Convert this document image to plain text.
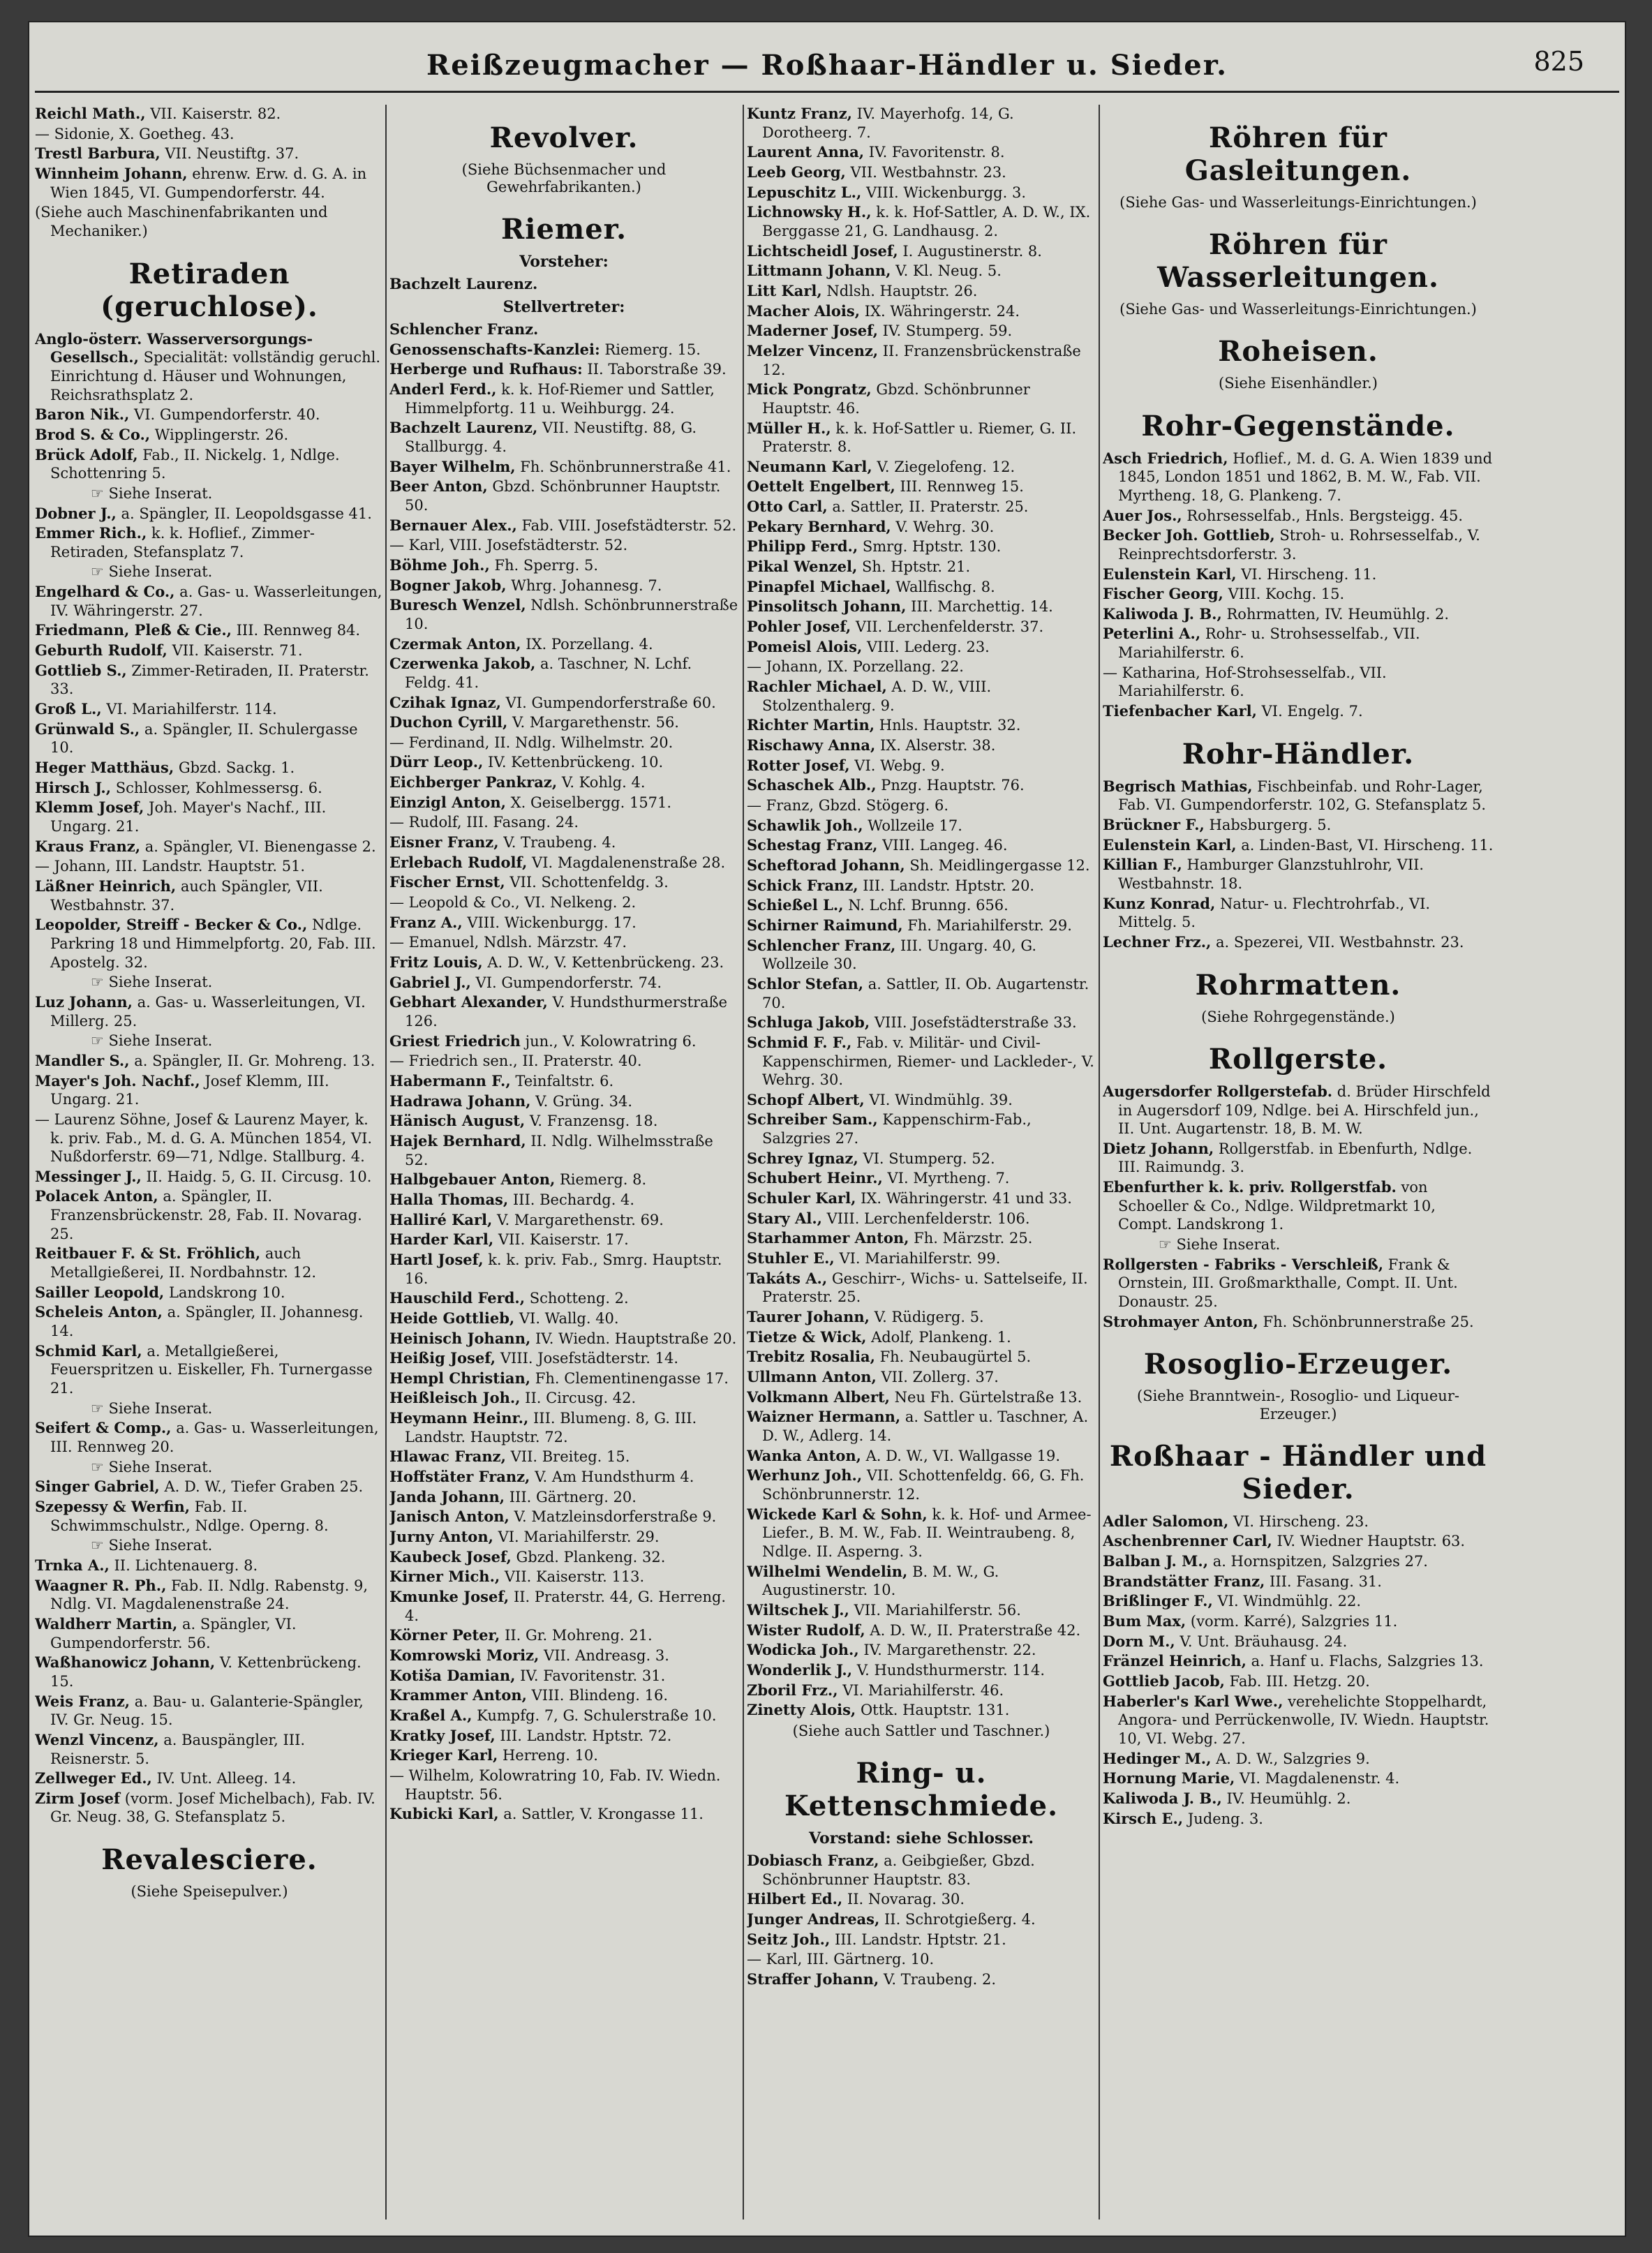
Reißzeugmacher — Roßhaar-Händler u. Sieder.	825
Reichl Math., VII. Kaiserstr. 82.
— Sidonie, X. Goetheg. 43.
Trestl Barbura, VII. Neustiftg. 37.
Winnheim Johann, ehrenw. Erw. d. G. A. in Wien 1845, VI. Gumpendorferstr. 44.
(Siehe auch Maschinenfabrikanten und Mechaniker.)
Retiraden (geruchlose).
Anglo-österr. Wasserversorgungs-Gesellsch., Specialität: vollständig geruchl. Einrichtung d. Häuser und Wohnungen, Reichsrathsplatz 2.
Baron Nik., VI. Gumpendorferstr. 40.
Brod S. & Co., Wipplingerstr. 26.
Brück Adolf, Fab., II. Nickelg. 1, Ndlge. Schottenring 5.
☞ Siehe Inserat.
Dobner J., a. Spängler, II. Leopoldsgasse 41.
Emmer Rich., k. k. Hoflief., Zimmer-Retiraden, Stefansplatz 7.
☞ Siehe Inserat.
Engelhard & Co., a. Gas- u. Wasserleitungen, IV. Währingerstr. 27.
Friedmann, Pleß & Cie., III. Rennweg 84.
Geburth Rudolf, VII. Kaiserstr. 71.
Gottlieb S., Zimmer-Retiraden, II. Praterstr. 33.
Groß L., VI. Mariahilferstr. 114.
Grünwald S., a. Spängler, II. Schulergasse 10.
Heger Matthäus, Gbzd. Sackg. 1.
Hirsch J., Schlosser, Kohlmessersg. 6.
Klemm Josef, Joh. Mayer's Nachf., III. Ungarg. 21.
Kraus Franz, a. Spängler, VI. Bienengasse 2.
— Johann, III. Landstr. Hauptstr. 51.
Läßner Heinrich, auch Spängler, VII. Westbahnstr. 37.
Leopolder, Streiff - Becker & Co., Ndlge. Parkring 18 und Himmelpfortg. 20, Fab. III. Apostelg. 32.
☞ Siehe Inserat.
Luz Johann, a. Gas- u. Wasserleitungen, VI. Millerg. 25.
☞ Siehe Inserat.
Mandler S., a. Spängler, II. Gr. Mohreng. 13.
Mayer's Joh. Nachf., Josef Klemm, III. Ungarg. 21.
— Laurenz Söhne, Josef & Laurenz Mayer, k. k. priv. Fab., M. d. G. A. München 1854, VI. Nußdorferstr. 69—71, Ndlge. Stallburg. 4.
Messinger J., II. Haidg. 5, G. II. Circusg. 10.
Polacek Anton, a. Spängler, II. Franzensbrückenstr. 28, Fab. II. Novarag. 25.
Reitbauer F. & St. Fröhlich, auch Metallgießerei, II. Nordbahnstr. 12.
Sailler Leopold, Landskrong 10.
Scheleis Anton, a. Spängler, II. Johannesg. 14.
Schmid Karl, a. Metallgießerei, Feuerspritzen u. Eiskeller, Fh. Turnergasse 21.
☞ Siehe Inserat.
Seifert & Comp., a. Gas- u. Wasserleitungen, III. Rennweg 20.
☞ Siehe Inserat.
Singer Gabriel, A. D. W., Tiefer Graben 25.
Szepessy & Werfin, Fab. II. Schwimmschulstr., Ndlge. Operng. 8.
☞ Siehe Inserat.
Trnka A., II. Lichtenauerg. 8.
Waagner R. Ph., Fab. II. Ndlg. Rabenstg. 9, Ndlg. VI. Magdalenenstraße 24.
Waldherr Martin, a. Spängler, VI. Gumpendorferstr. 56.
Waßhanowicz Johann, V. Kettenbrückeng. 15.
Weis Franz, a. Bau- u. Galanterie-Spängler, IV. Gr. Neug. 15.
Wenzl Vincenz, a. Bauspängler, III. Reisnerstr. 5.
Zellweger Ed., IV. Unt. Alleeg. 14.
Zirm Josef (vorm. Josef Michelbach), Fab. IV. Gr. Neug. 38, G. Stefansplatz 5.
Revalesciere.
(Siehe Speisepulver.)
Revolver.
(Siehe Büchsenmacher und Gewehrfabrikanten.)
Riemer.
Vorsteher:
Bachzelt Laurenz.
Stellvertreter:
Schlencher Franz.
Genossenschafts-Kanzlei: Riemerg. 15.
Herberge und Rufhaus: II. Taborstraße 39.
Anderl Ferd., k. k. Hof-Riemer und Sattler, Himmelpfortg. 11 u. Weihburgg. 24.
Bachzelt Laurenz, VII. Neustiftg. 88, G. Stallburgg. 4.
Bayer Wilhelm, Fh. Schönbrunnerstraße 41.
Beer Anton, Gbzd. Schönbrunner Hauptstr. 50.
Bernauer Alex., Fab. VIII. Josefstädterstr. 52.
— Karl, VIII. Josefstädterstr. 52.
Böhme Joh., Fh. Sperrg. 5.
Bogner Jakob, Whrg. Johannesg. 7.
Buresch Wenzel, Ndlsh. Schönbrunnerstraße 10.
Czermak Anton, IX. Porzellang. 4.
Czerwenka Jakob, a. Taschner, N. Lchf. Feldg. 41.
Czihak Ignaz, VI. Gumpendorferstraße 60.
Duchon Cyrill, V. Margarethenstr. 56.
— Ferdinand, II. Ndlg. Wilhelmstr. 20.
Dürr Leop., IV. Kettenbrückeng. 10.
Eichberger Pankraz, V. Kohlg. 4.
Einzigl Anton, X. Geiselbergg. 1571.
— Rudolf, III. Fasang. 24.
Eisner Franz, V. Traubeng. 4.
Erlebach Rudolf, VI. Magdalenenstraße 28.
Fischer Ernst, VII. Schottenfeldg. 3.
— Leopold & Co., VI. Nelkeng. 2.
Franz A., VIII. Wickenburgg. 17.
— Emanuel, Ndlsh. Märzstr. 47.
Fritz Louis, A. D. W., V. Kettenbrückeng. 23.
Gabriel J., VI. Gumpendorferstr. 74.
Gebhart Alexander, V. Hundsthurmerstraße 126.
Griest Friedrich jun., V. Kolowratring 6.
— Friedrich sen., II. Praterstr. 40.
Habermann F., Teinfaltstr. 6.
Hadrawa Johann, V. Grüng. 34.
Hänisch August, V. Franzensg. 18.
Hajek Bernhard, II. Ndlg. Wilhelmsstraße 52.
Halbgebauer Anton, Riemerg. 8.
Halla Thomas, III. Bechardg. 4.
Halliré Karl, V. Margarethenstr. 69.
Harder Karl, VII. Kaiserstr. 17.
Hartl Josef, k. k. priv. Fab., Smrg. Hauptstr. 16.
Hauschild Ferd., Schotteng. 2.
Heide Gottlieb, VI. Wallg. 40.
Heinisch Johann, IV. Wiedn. Hauptstraße 20.
Heißig Josef, VIII. Josefstädterstr. 14.
Hempl Christian, Fh. Clementinengasse 17.
Heißleisch Joh., II. Circusg. 42.
Heymann Heinr., III. Blumeng. 8, G. III. Landstr. Hauptstr. 72.
Hlawac Franz, VII. Breiteg. 15.
Hoffstäter Franz, V. Am Hundsthurm 4.
Janda Johann, III. Gärtnerg. 20.
Janisch Anton, V. Matzleinsdorferstraße 9.
Jurny Anton, VI. Mariahilferstr. 29.
Kaubeck Josef, Gbzd. Plankeng. 32.
Kirner Mich., VII. Kaiserstr. 113.
Kmunke Josef, II. Praterstr. 44, G. Herreng. 4.
Körner Peter, II. Gr. Mohreng. 21.
Komrowski Moriz, VII. Andreasg. 3.
Kotiša Damian, IV. Favoritenstr. 31.
Krammer Anton, VIII. Blindeng. 16.
Kraßel A., Kumpfg. 7, G. Schulerstraße 10.
Kratky Josef, III. Landstr. Hptstr. 72.
Krieger Karl, Herreng. 10.
— Wilhelm, Kolowratring 10, Fab. IV. Wiedn. Hauptstr. 56.
Kubicki Karl, a. Sattler, V. Krongasse 11.
Kuntz Franz, IV. Mayerhofg. 14, G. Dorotheerg. 7.
Laurent Anna, IV. Favoritenstr. 8.
Leeb Georg, VII. Westbahnstr. 23.
Lepuschitz L., VIII. Wickenburgg. 3.
Lichnowsky H., k. k. Hof-Sattler, A. D. W., IX. Berggasse 21, G. Landhausg. 2.
Lichtscheidl Josef, I. Augustinerstr. 8.
Littmann Johann, V. Kl. Neug. 5.
Litt Karl, Ndlsh. Hauptstr. 26.
Macher Alois, IX. Währingerstr. 24.
Maderner Josef, IV. Stumperg. 59.
Melzer Vincenz, II. Franzensbrückenstraße 12.
Mick Pongratz, Gbzd. Schönbrunner Hauptstr. 46.
Müller H., k. k. Hof-Sattler u. Riemer, G. II. Praterstr. 8.
Neumann Karl, V. Ziegelofeng. 12.
Oettelt Engelbert, III. Rennweg 15.
Otto Carl, a. Sattler, II. Praterstr. 25.
Pekary Bernhard, V. Wehrg. 30.
Philipp Ferd., Smrg. Hptstr. 130.
Pikal Wenzel, Sh. Hptstr. 21.
Pinapfel Michael, Wallfischg. 8.
Pinsolitsch Johann, III. Marchettig. 14.
Pohler Josef, VII. Lerchenfelderstr. 37.
Pomeisl Alois, VIII. Lederg. 23.
— Johann, IX. Porzellang. 22.
Rachler Michael, A. D. W., VIII. Stolzenthalerg. 9.
Richter Martin, Hnls. Hauptstr. 32.
Rischawy Anna, IX. Alserstr. 38.
Rotter Josef, VI. Webg. 9.
Schaschek Alb., Pnzg. Hauptstr. 76.
— Franz, Gbzd. Stögerg. 6.
Schawlik Joh., Wollzeile 17.
Schestag Franz, VIII. Langeg. 46.
Scheftorad Johann, Sh. Meidlingergasse 12.
Schick Franz, III. Landstr. Hptstr. 20.
Schießel L., N. Lchf. Brunng. 656.
Schirner Raimund, Fh. Mariahilferstr. 29.
Schlencher Franz, III. Ungarg. 40, G. Wollzeile 30.
Schlor Stefan, a. Sattler, II. Ob. Augartenstr. 70.
Schluga Jakob, VIII. Josefstädterstraße 33.
Schmid F. F., Fab. v. Militär- und Civil-Kappenschirmen, Riemer- und Lackleder-, V. Wehrg. 30.
Schopf Albert, VI. Windmühlg. 39.
Schreiber Sam., Kappenschirm-Fab., Salzgries 27.
Schrey Ignaz, VI. Stumperg. 52.
Schubert Heinr., VI. Myrtheng. 7.
Schuler Karl, IX. Währingerstr. 41 und 33.
Stary Al., VIII. Lerchenfelderstr. 106.
Starhammer Anton, Fh. Märzstr. 25.
Stuhler E., VI. Mariahilferstr. 99.
Takáts A., Geschirr-, Wichs- u. Sattelseife, II. Praterstr. 25.
Taurer Johann, V. Rüdigerg. 5.
Tietze & Wick, Adolf, Plankeng. 1.
Trebitz Rosalia, Fh. Neubaugürtel 5.
Ullmann Anton, VII. Zollerg. 37.
Volkmann Albert, Neu Fh. Gürtelstraße 13.
Waizner Hermann, a. Sattler u. Taschner, A. D. W., Adlerg. 14.
Wanka Anton, A. D. W., VI. Wallgasse 19.
Werhunz Joh., VII. Schottenfeldg. 66, G. Fh. Schönbrunnerstr. 12.
Wickede Karl & Sohn, k. k. Hof- und Armee-Liefer., B. M. W., Fab. II. Weintraubeng. 8, Ndlge. II. Asperng. 3.
Wilhelmi Wendelin, B. M. W., G. Augustinerstr. 10.
Wiltschek J., VII. Mariahilferstr. 56.
Wister Rudolf, A. D. W., II. Praterstraße 42.
Wodicka Joh., IV. Margarethenstr. 22.
Wonderlik J., V. Hundsthurmerstr. 114.
Zboril Frz., VI. Mariahilferstr. 46.
Zinetty Alois, Ottk. Hauptstr. 131.
(Siehe auch Sattler und Taschner.)
Ring- u. Kettenschmiede.
Vorstand: siehe Schlosser.
Dobiasch Franz, a. Geibgießer, Gbzd. Schönbrunner Hauptstr. 83.
Hilbert Ed., II. Novarag. 30.
Junger Andreas, II. Schrotgießerg. 4.
Seitz Joh., III. Landstr. Hptstr. 21.
— Karl, III. Gärtnerg. 10.
Straffer Johann, V. Traubeng. 2.
Röhren für Gasleitungen.
(Siehe Gas- und Wasserleitungs-Einrichtungen.)
Röhren für Wasserleitungen.
(Siehe Gas- und Wasserleitungs-Einrichtungen.)
Roheisen.
(Siehe Eisenhändler.)
Rohr-Gegenstände.
Asch Friedrich, Hoflief., M. d. G. A. Wien 1839 und 1845, London 1851 und 1862, B. M. W., Fab. VII. Myrtheng. 18, G. Plankeng. 7.
Auer Jos., Rohrsesselfab., Hnls. Bergsteigg. 45.
Becker Joh. Gottlieb, Stroh- u. Rohrsesselfab., V. Reinprechtsdorferstr. 3.
Eulenstein Karl, VI. Hirscheng. 11.
Fischer Georg, VIII. Kochg. 15.
Kaliwoda J. B., Rohrmatten, IV. Heumühlg. 2.
Peterlini A., Rohr- u. Strohsesselfab., VII. Mariahilferstr. 6.
— Katharina, Hof-Strohsesselfab., VII. Mariahilferstr. 6.
Tiefenbacher Karl, VI. Engelg. 7.
Rohr-Händler.
Begrisch Mathias, Fischbeinfab. und Rohr-Lager, Fab. VI. Gumpendorferstr. 102, G. Stefansplatz 5.
Brückner F., Habsburgerg. 5.
Eulenstein Karl, a. Linden-Bast, VI. Hirscheng. 11.
Killian F., Hamburger Glanzstuhlrohr, VII. Westbahnstr. 18.
Kunz Konrad, Natur- u. Flechtrohrfab., VI. Mittelg. 5.
Lechner Frz., a. Spezerei, VII. Westbahnstr. 23.
Rohrmatten.
(Siehe Rohrgegenstände.)
Rollgerste.
Augersdorfer Rollgerstefab. d. Brüder Hirschfeld in Augersdorf 109, Ndlge. bei A. Hirschfeld jun., II. Unt. Augartenstr. 18, B. M. W.
Dietz Johann, Rollgerstfab. in Ebenfurth, Ndlge. III. Raimundg. 3.
Ebenfurther k. k. priv. Rollgerstfab. von Schoeller & Co., Ndlge. Wildpretmarkt 10, Compt. Landskrong 1.
☞ Siehe Inserat.
Rollgersten - Fabriks - Verschleiß, Frank & Ornstein, III. Großmarkthalle, Compt. II. Unt. Donaustr. 25.
Strohmayer Anton, Fh. Schönbrunnerstraße 25.
Rosoglio-Erzeuger.
(Siehe Branntwein-, Rosoglio- und Liqueur-Erzeuger.)
Roßhaar - Händler und Sieder.
Adler Salomon, VI. Hirscheng. 23.
Aschenbrenner Carl, IV. Wiedner Hauptstr. 63.
Balban J. M., a. Hornspitzen, Salzgries 27.
Brandstätter Franz, III. Fasang. 31.
Brißlinger F., VI. Windmühlg. 22.
Bum Max, (vorm. Karré), Salzgries 11.
Dorn M., V. Unt. Bräuhausg. 24.
Fränzel Heinrich, a. Hanf u. Flachs, Salzgries 13.
Gottlieb Jacob, Fab. III. Hetzg. 20.
Haberler's Karl Wwe., verehelichte Stoppelhardt, Angora- und Perrückenwolle, IV. Wiedn. Hauptstr. 10, VI. Webg. 27.
Hedinger M., A. D. W., Salzgries 9.
Hornung Marie, VI. Magdalenenstr. 4.
Kaliwoda J. B., IV. Heumühlg. 2.
Kirsch E., Judeng. 3.
